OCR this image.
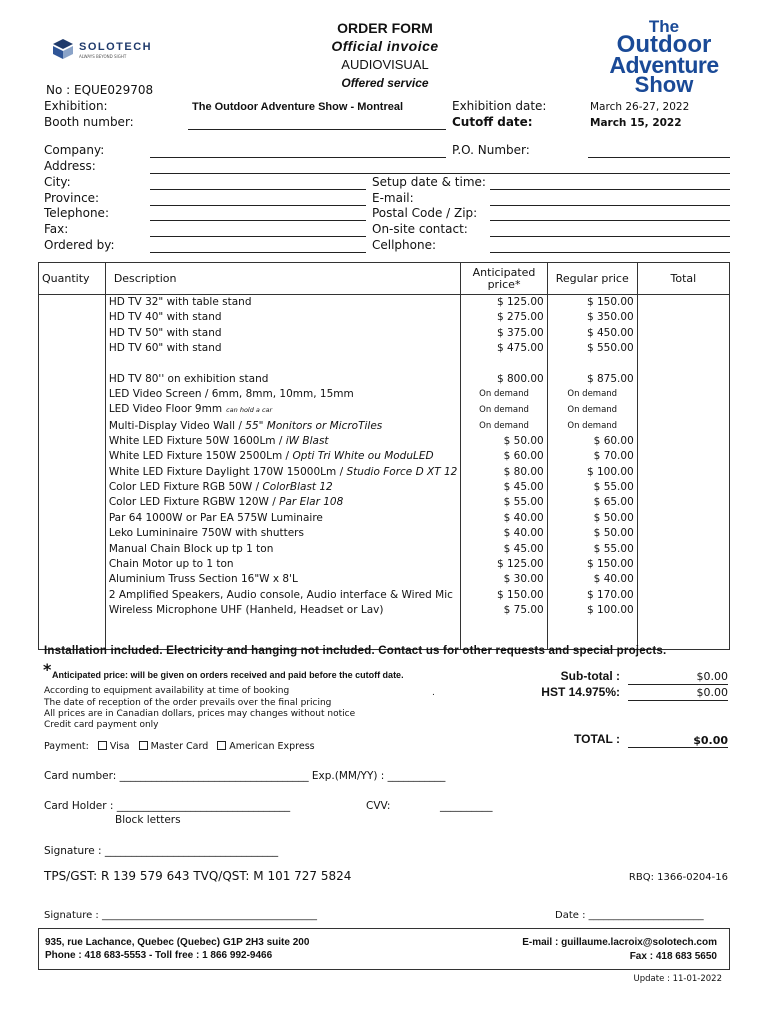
SOLOTECH
ALWAYS BEYOND SIGHT
ORDER FORM
Official invoice
AUDIOVISUAL
Offered service
The
Outdoor
Adventure
Show
No : EQUE029708
Exhibition:	The Outdoor Adventure Show - Montreal
Booth number:
Exhibition date:	March 26-27, 2022
Cutoff date:	March 15, 2022
Company:	P.O. Number:
Address:
City:	Setup date & time:
Province:	E-mail:
Telephone:	Postal Code / Zip:
Fax:	On-site contact:
Ordered by:	Cellphone:
Quantity	Description	Anticipated price*	Regular price	Total
	HD TV 32" with table stand	$ 125.00	$ 150.00	
	HD TV 40" with stand	$ 275.00	$ 350.00	
	HD TV 50" with stand	$ 375.00	$ 450.00	
	HD TV 60" with stand	$ 475.00	$ 550.00	

	HD TV 80'' on exhibition stand	$ 800.00	$ 875.00	
	LED Video Screen / 6mm, 8mm, 10mm, 15mm	On demand	On demand	
	LED Video Floor 9mm can hold a car	On demand	On demand	
	Multi-Display Video Wall / 55" Monitors or MicroTiles	On demand	On demand	
	White LED Fixture 50W 1600Lm / iW Blast	$ 50.00	$ 60.00	
	White LED Fixture 150W 2500Lm / Opti Tri White ou ModuLED	$ 60.00	$ 70.00	
	White LED Fixture Daylight 170W 15000Lm / Studio Force D XT 12	$ 80.00	$ 100.00	
	Color LED Fixture RGB 50W / ColorBlast 12	$ 45.00	$ 55.00	
	Color LED Fixture RGBW 120W / Par Elar 108	$ 55.00	$ 65.00	
	Par 64 1000W or Par EA 575W Luminaire	$ 40.00	$ 50.00	
	Leko Lumininaire 750W with shutters	$ 40.00	$ 50.00	
	Manual Chain Block up tp 1 ton	$ 45.00	$ 55.00	
	Chain Motor up to 1 ton	$ 125.00	$ 150.00	
	Aluminium Truss Section 16"W x 8'L	$ 30.00	$ 40.00	
	2 Amplified Speakers, Audio console, Audio interface & Wired Mic	$ 150.00	$ 170.00	
	Wireless Microphone UHF (Hanheld, Headset or Lav)	$ 75.00	$ 100.00	

Installation included. Electricity and hanging not included. Contact us for other requests and special projects.
* Anticipated price: will be given on orders received and paid before the cutoff date.
According to equipment availability at time of booking	.
The date of reception of the order prevails over the final pricing
All prices are in Canadian dollars, prices may changes without notice
Credit card payment only
Sub-total :	$0.00
HST 14.975%:	$0.00
TOTAL :	$0.00
Payment: Visa Master Card American Express
Card number: ____________________________________ Exp.(MM/YY) : ___________
Card Holder : _________________________________	CVV:	__________
Block letters
Signature : _________________________________
TPS/GST: R 139 579 643 TVQ/QST: M 101 727 5824	RBQ: 1366-0204-16
Signature : ___________________________________________	Date : _______________________
935, rue Lachance, Quebec (Quebec) G1P 2H3 suite 200
Phone : 418 683-5553 - Toll free : 1 866 992-9466
E-mail : guillaume.lacroix@solotech.com
Fax : 418 683 5650
Update : 11-01-2022
